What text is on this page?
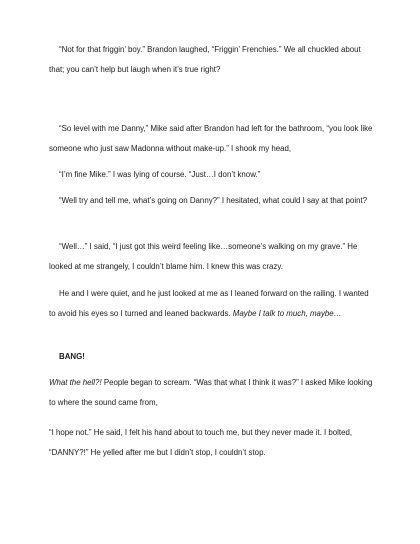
“Not for that friggin’ boy.” Brandon laughed, “Friggin’ Frenchies.” We all chuckled about that; you can’t help but laugh when it’s true right?

“So level with me Danny,” Mike said after Brandon had left for the bathroom, “you look like someone who just saw Madonna without make-up.” I shook my head,

“I’m fine Mike.” I was lying of course. “Just…I don’t know.”

“Well try and tell me, what’s going on Danny?” I hesitated, what could I say at that point?

“Well…” I said, “I just got this weird feeling like…someone’s walking on my grave.” He looked at me strangely, I couldn’t blame him. I knew this was crazy.

He and I were quiet, and he just looked at me as I leaned forward on the railing. I wanted to avoid his eyes so I turned and leaned backwards. Maybe I talk to much, maybe…

BANG!

What the hell?! People began to scream. “Was that what I think it was?” I asked Mike looking to where the sound came from,

“I hope not.” He said, I felt his hand about to touch me, but they never made it. I bolted, “DANNY?!” He yelled after me but I didn’t stop, I couldn’t stop.
